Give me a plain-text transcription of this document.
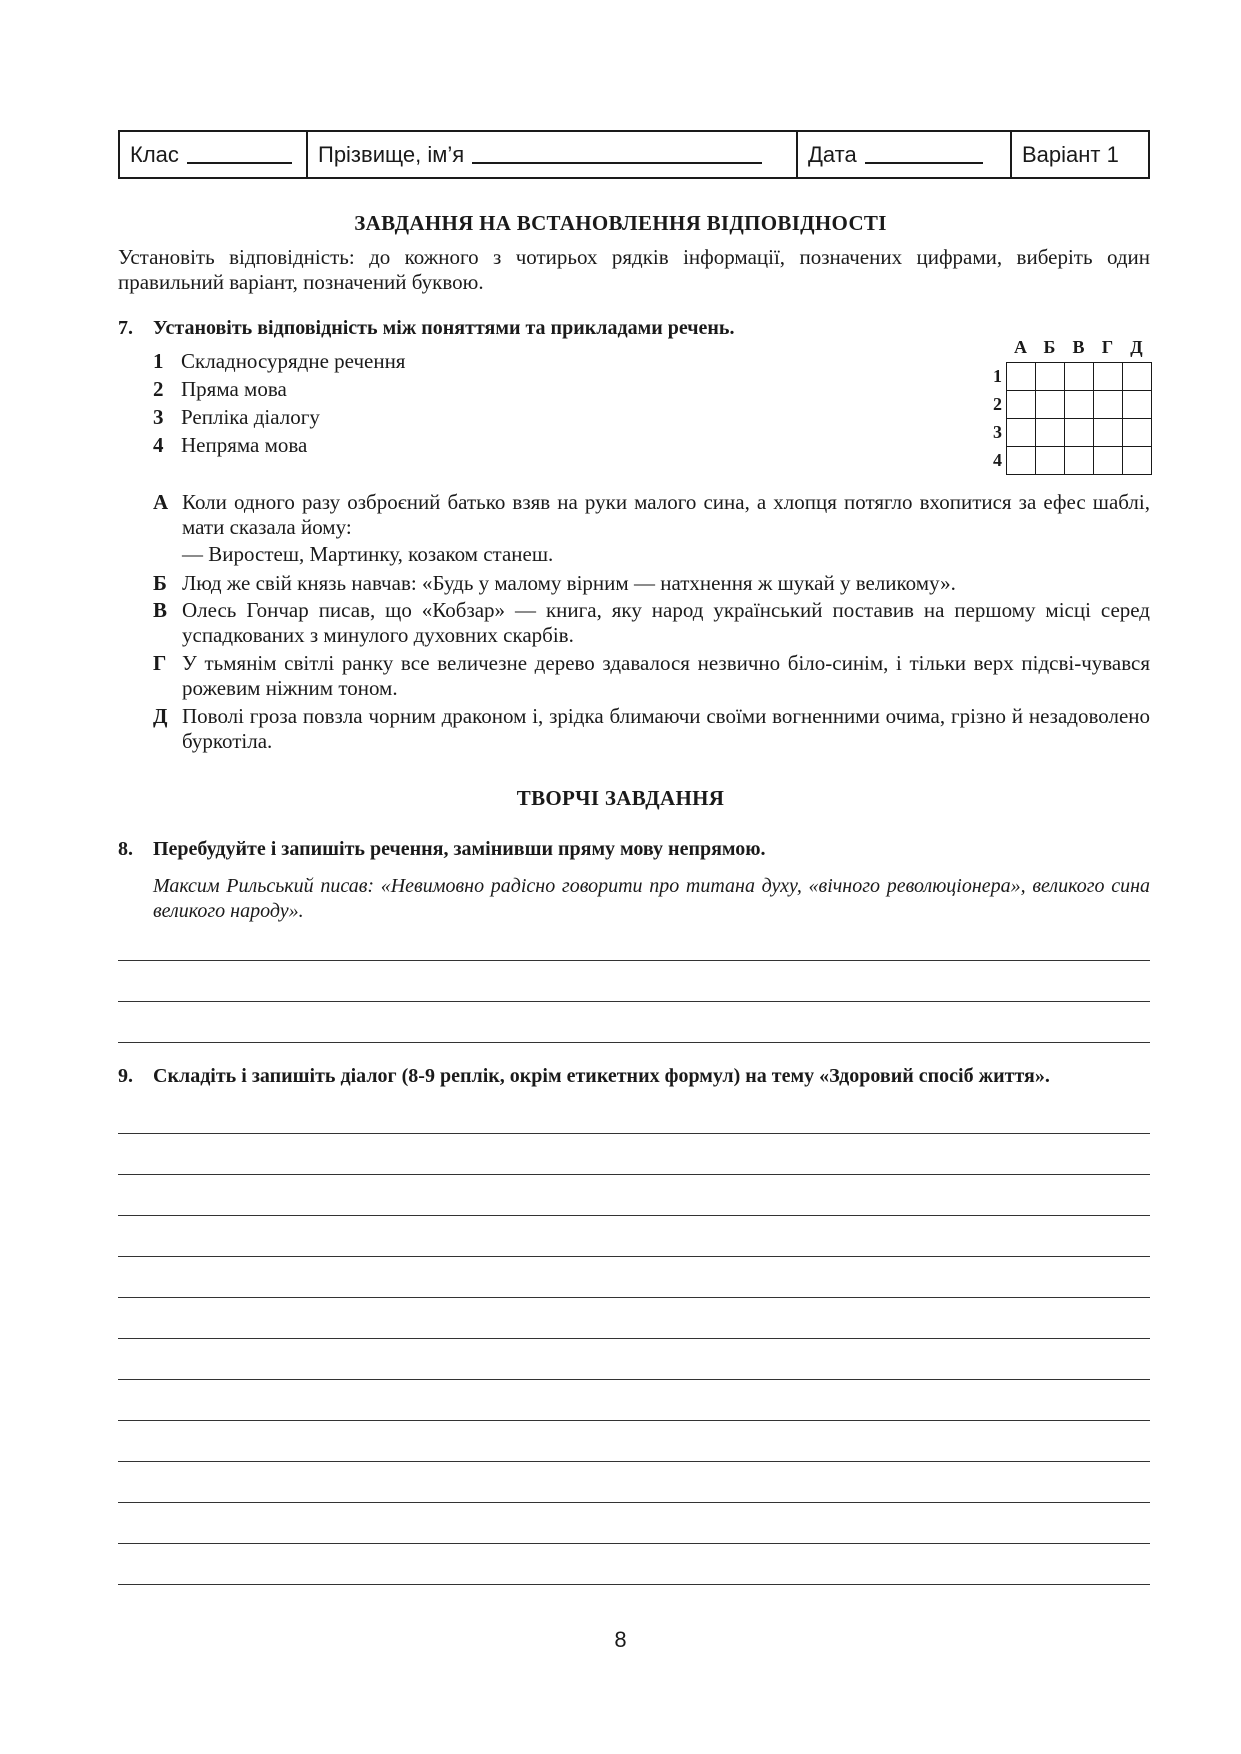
Клас	Прізвище, ім’я	Дата	Варіант 1
ЗАВДАННЯ НА ВСТАНОВЛЕННЯ ВІДПОВІДНОСТІ
Установіть відповідність: до кожного з чотирьох рядків інформації, позначених цифрами, виберіть один правильний варіант, позначений буквою.
7. Установіть відповідність між поняттями та прикладами речень.
1 Складносурядне речення
2 Пряма мова
3 Репліка діалогу
4 Непряма мова
А Б В Г Д
1
2
3
4

А Коли одного разу озброєний батько взяв на руки малого сина, а хлопця потягло вхопитися за ефес шаблі, мати сказала йому:
— Виростеш, Мартинку, козаком станеш.
Б Люд же свій князь навчав: «Будь у малому вірним — натхнення ж шукай у великому».
В Олесь Гончар писав, що «Кобзар» — книга, яку народ український поставив на першому місці серед успадкованих з минулого духовних скарбів.
Г У тьмянім світлі ранку все величезне дерево здавалося незвично біло-синім, і тільки верх підсві-чувався рожевим ніжним тоном.
Д Поволі гроза повзла чорним драконом і, зрідка блимаючи своїми вогненними очима, грізно й незадоволено буркотіла.
ТВОРЧІ ЗАВДАННЯ
8. Перебудуйте і запишіть речення, замінивши пряму мову непрямою.
Максим Рильський писав: «Невимовно радісно говорити про титана духу, «вічного революціонера», великого сина великого народу».
9. Складіть і запишіть діалог (8-9 реплік, окрім етикетних формул) на тему «Здоровий спосіб життя».
8
